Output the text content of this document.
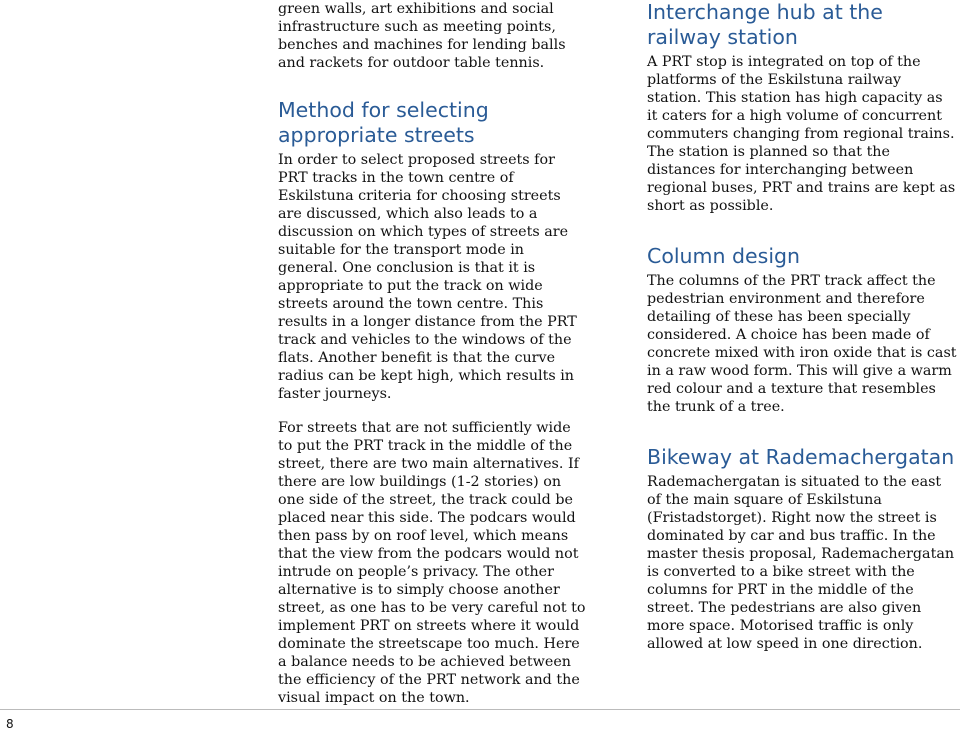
green walls, art exhibitions and social infrastructure such as meeting points, benches and machines for lending balls and rackets for outdoor table tennis.

Method for selecting appropriate streets

In order to select proposed streets for PRT tracks in the town centre of Eskilstuna criteria for choosing streets are discussed, which also leads to a discussion on which types of streets are suitable for the transport mode in general. One conclusion is that it is appropriate to put the track on wide streets around the town centre. This results in a longer distance from the PRT track and vehicles to the windows of the flats. Another benefit is that the curve radius can be kept high, which results in faster journeys.

For streets that are not sufficiently wide to put the PRT track in the middle of the street, there are two main alternatives. If there are low buildings (1-2 stories) on one side of the street, the track could be placed near this side. The podcars would then pass by on roof level, which means that the view from the podcars would not intrude on people’s privacy. The other alternative is to simply choose another street, as one has to be very careful not to implement PRT on streets where it would dominate the streetscape too much. Here a balance needs to be achieved between the efficiency of the PRT network and the visual impact on the town.

Interchange hub at the railway station

A PRT stop is integrated on top of the platforms of the Eskilstuna railway station. This station has high capacity as it caters for a high volume of concurrent commuters changing from regional trains. The station is planned so that the distances for interchanging between regional buses, PRT and trains are kept as short as possible.

Column design

The columns of the PRT track affect the pedestrian environment and therefore detailing of these has been specially considered. A choice has been made of concrete mixed with iron oxide that is cast in a raw wood form. This will give a warm red colour and a texture that resembles the trunk of a tree.

Bikeway at Rademachergatan

Rademachergatan is situated to the east of the main square of Eskilstuna (Fristadstorget). Right now the street is dominated by car and bus traffic. In the master thesis proposal, Rademachergatan is converted to a bike street with the columns for PRT in the middle of the street. The pedestrians are also given more space. Motorised traffic is only allowed at low speed in one direction.

8
